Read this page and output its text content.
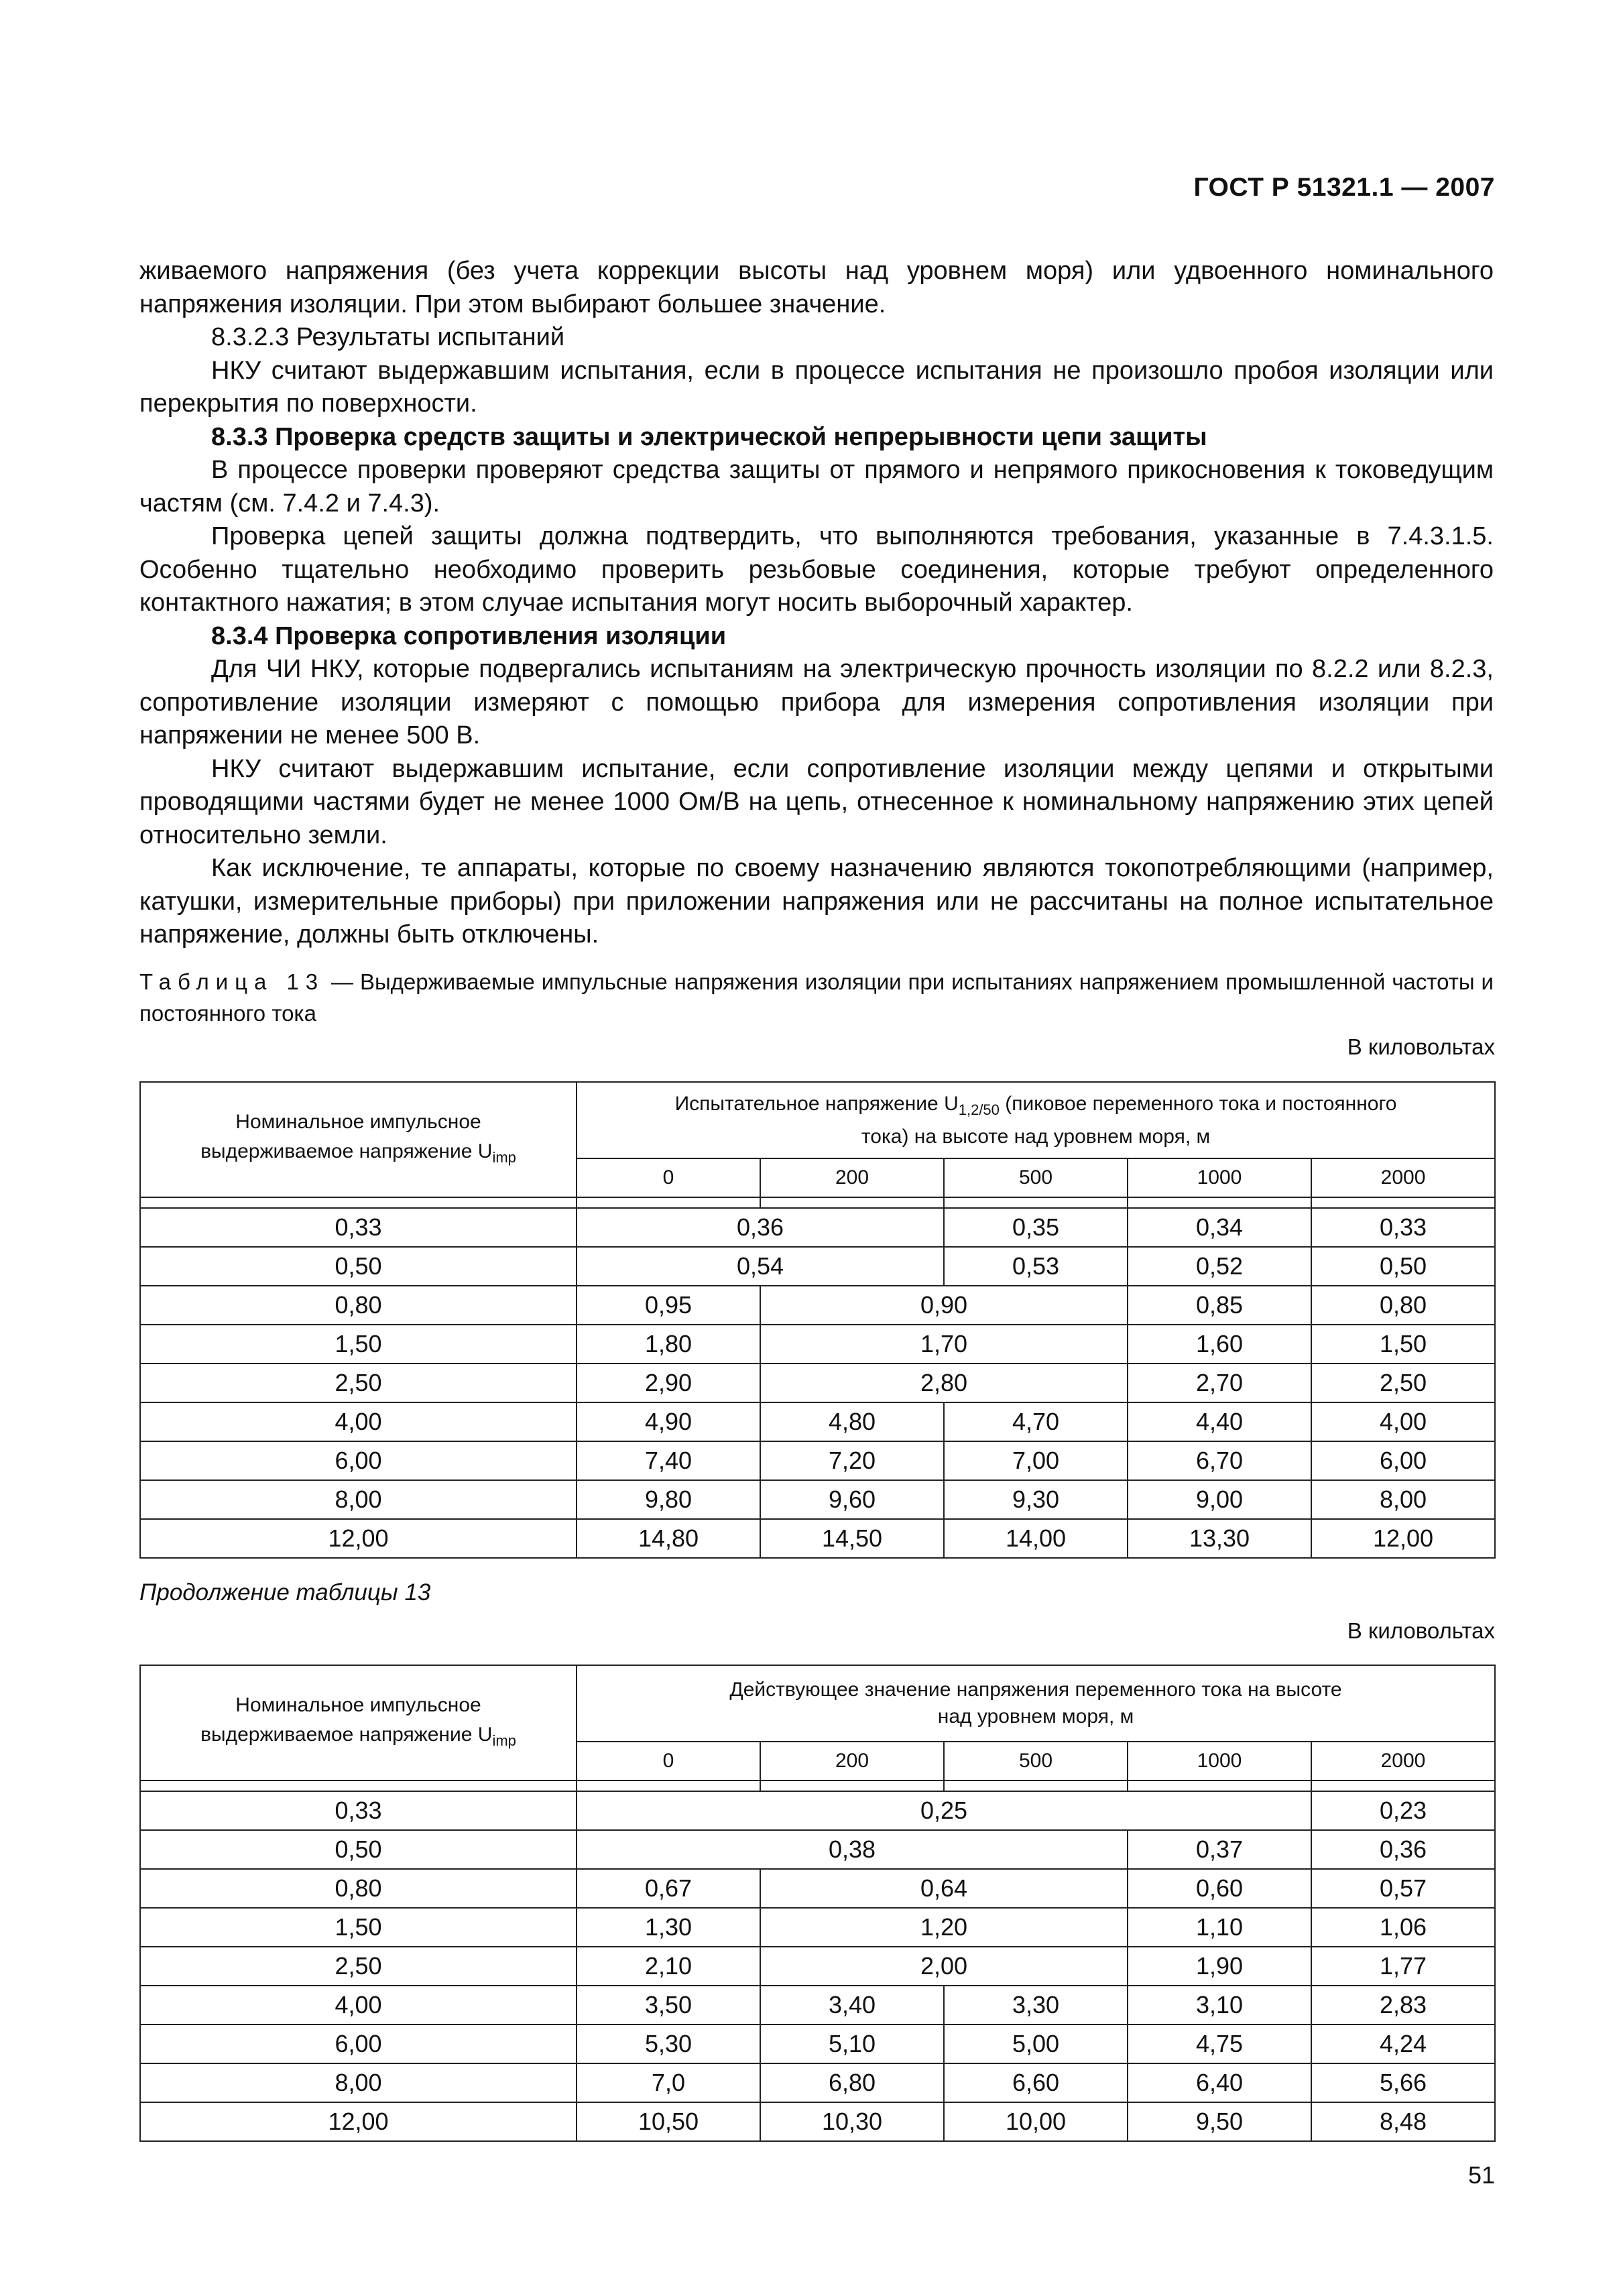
ГОСТ Р 51321.1 — 2007

живаемого напряжения (без учета коррекции высоты над уровнем моря) или удвоенного номинального напряжения изоляции. При этом выбирают большее значение.

8.3.2.3 Результаты испытаний

НКУ считают выдержавшим испытания, если в процессе испытания не произошло пробоя изоляции или перекрытия по поверхности.

8.3.3 Проверка средств защиты и электрической непрерывности цепи защиты

В процессе проверки проверяют средства защиты от прямого и непрямого прикосновения к токоведущим частям (см. 7.4.2 и 7.4.3).

Проверка цепей защиты должна подтвердить, что выполняются требования, указанные в 7.4.3.1.5. Особенно тщательно необходимо проверить резьбовые соединения, которые требуют определенного контактного нажатия; в этом случае испытания могут носить выборочный характер.

8.3.4 Проверка сопротивления изоляции

Для ЧИ НКУ, которые подвергались испытаниям на электрическую прочность изоляции по 8.2.2 или 8.2.3, сопротивление изоляции измеряют с помощью прибора для измерения сопротивления изоляции при напряжении не менее 500 В.

НКУ считают выдержавшим испытание, если сопротивление изоляции между цепями и открытыми проводящими частями будет не менее 1000 Ом/В на цепь, отнесенное к номинальному напряжению этих цепей относительно земли.

Как исключение, те аппараты, которые по своему назначению являются токопотребляющими (например, катушки, измерительные приборы) при приложении напряжения или не рассчитаны на полное испытательное напряжение, должны быть отключены.

Таблица 13 — Выдерживаемые импульсные напряжения изоляции при испытаниях напряжением промышленной частоты и постоянного тока
В киловольтах
Номинальное импульсное
выдерживаемое напряжение $U_{imp}$	Испытательное напряжение $U_{1,2/50}$ (пиковое переменного тока и постоянного
тока) на высоте над уровнем моря, м				
	0	200	500	1000	2000

0,33	0,36		0,35	0,34	0,33
0,50	0,54		0,53	0,52	0,50
0,80	0,95	0,90		0,85	0,80
1,50	1,80	1,70		1,60	1,50
2,50	2,90	2,80		2,70	2,50
4,00	4,90	4,80	4,70	4,40	4,00
6,00	7,40	7,20	7,00	6,70	6,00
8,00	9,80	9,60	9,30	9,00	8,00
12,00	14,80	14,50	14,00	13,30	12,00
Продолжение таблицы 13
В киловольтах
Номинальное импульсное
выдерживаемое напряжение $U_{imp}$	Действующее значение напряжения переменного тока на высоте
над уровнем моря, м				
	0	200	500	1000	2000

0,33	0,25				0,23
0,50	0,38			0,37	0,36
0,80	0,67	0,64		0,60	0,57
1,50	1,30	1,20		1,10	1,06
2,50	2,10	2,00		1,90	1,77
4,00	3,50	3,40	3,30	3,10	2,83
6,00	5,30	5,10	5,00	4,75	4,24
8,00	7,0	6,80	6,60	6,40	5,66
12,00	10,50	10,30	10,00	9,50	8,48
51
